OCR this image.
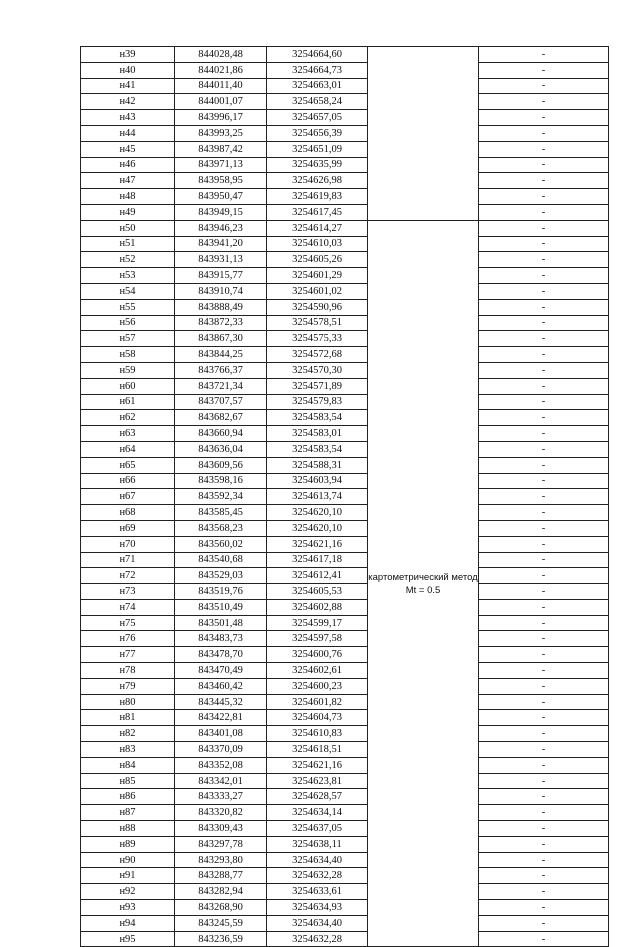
н39	844028,48	3254664,60		-
н40	844021,86	3254664,73		-
н41	844011,40	3254663,01		-
н42	844001,07	3254658,24		-
н43	843996,17	3254657,05		-
н44	843993,25	3254656,39		-
н45	843987,42	3254651,09		-
н46	843971,13	3254635,99		-
н47	843958,95	3254626,98		-
н48	843950,47	3254619,83		-
н49	843949,15	3254617,45		-
н50	843946,23	3254614,27	картометрический метод Mt = 0.5	-
н51	843941,20	3254610,03		-
н52	843931,13	3254605,26		-
н53	843915,77	3254601,29		-
н54	843910,74	3254601,02		-
н55	843888,49	3254590,96		-
н56	843872,33	3254578,51		-
н57	843867,30	3254575,33		-
н58	843844,25	3254572,68		-
н59	843766,37	3254570,30		-
н60	843721,34	3254571,89		-
н61	843707,57	3254579,83		-
н62	843682,67	3254583,54		-
н63	843660,94	3254583,01		-
н64	843636,04	3254583,54		-
н65	843609,56	3254588,31		-
н66	843598,16	3254603,94		-
н67	843592,34	3254613,74		-
н68	843585,45	3254620,10		-
н69	843568,23	3254620,10		-
н70	843560,02	3254621,16		-
н71	843540,68	3254617,18		-
н72	843529,03	3254612,41		-
н73	843519,76	3254605,53		-
н74	843510,49	3254602,88		-
н75	843501,48	3254599,17		-
н76	843483,73	3254597,58		-
н77	843478,70	3254600,76		-
н78	843470,49	3254602,61		-
н79	843460,42	3254600,23		-
н80	843445,32	3254601,82		-
н81	843422,81	3254604,73		-
н82	843401,08	3254610,83		-
н83	843370,09	3254618,51		-
н84	843352,08	3254621,16		-
н85	843342,01	3254623,81		-
н86	843333,27	3254628,57		-
н87	843320,82	3254634,14		-
н88	843309,43	3254637,05		-
н89	843297,78	3254638,11		-
н90	843293,80	3254634,40		-
н91	843288,77	3254632,28		-
н92	843282,94	3254633,61		-
н93	843268,90	3254634,93		-
н94	843245,59	3254634,40		-
н95	843236,59	3254632,28		-
